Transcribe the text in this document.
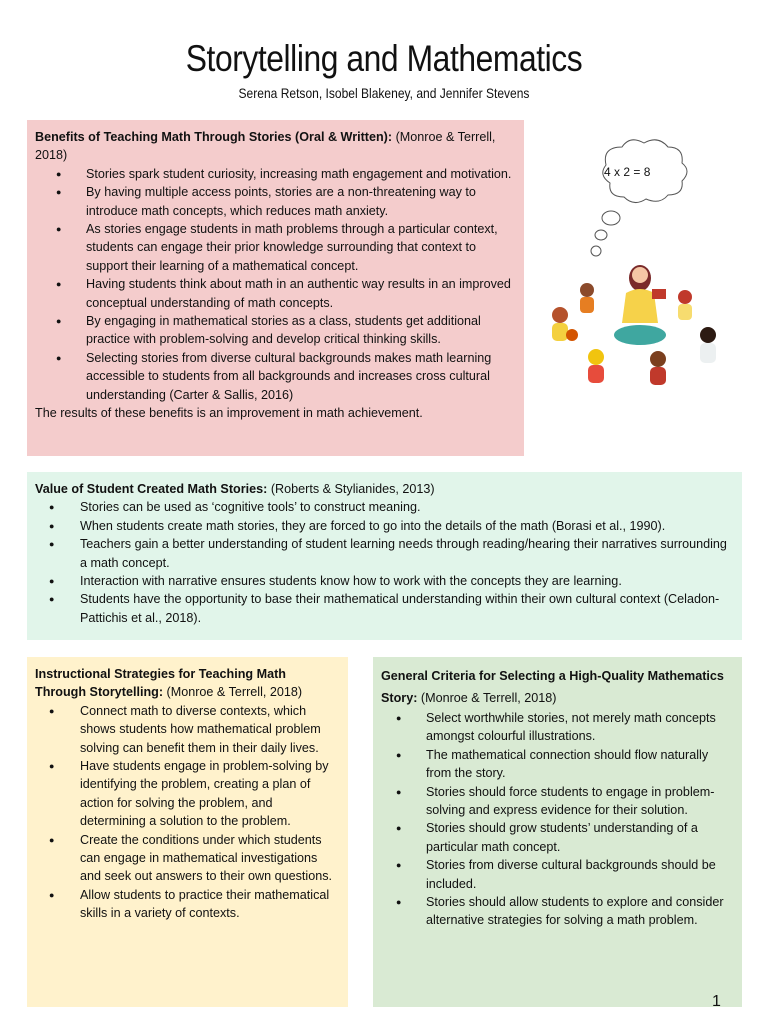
Storytelling and Mathematics
Serena Retson, Isobel Blakeney, and Jennifer Stevens

Benefits of Teaching Math Through Stories (Oral & Written): (Monroe & Terrell, 2018)

● Stories spark student curiosity, increasing math engagement and motivation.
● By having multiple access points, stories are a non-threatening way to introduce math concepts, which reduces math anxiety.
● As stories engage students in math problems through a particular context, students can engage their prior knowledge surrounding that context to support their learning of a mathematical concept.
● Having students think about math in an authentic way results in an improved conceptual understanding of math concepts.
● By engaging in mathematical stories as a class, students get additional practice with problem-solving and develop critical thinking skills.
● Selecting stories from diverse cultural backgrounds makes math learning accessible to students from all backgrounds and increases cross cultural understanding (Carter & Sallis, 2016)

The results of these benefits is an improvement in math achievement.

4 x 2 = 8

Value of Student Created Math Stories: (Roberts & Stylianides, 2013)

● Stories can be used as ‘cognitive tools’ to construct meaning.
● When students create math stories, they are forced to go into the details of the math (Borasi et al., 1990).
● Teachers gain a better understanding of student learning needs through reading/hearing their narratives surrounding a math concept.
● Interaction with narrative ensures students know how to work with the concepts they are learning.
● Students have the opportunity to base their mathematical understanding within their own cultural context (Celadon-Pattichis et al., 2018).

Instructional Strategies for Teaching Math Through Storytelling: (Monroe & Terrell, 2018)

● Connect math to diverse contexts, which shows students how mathematical problem solving can benefit them in their daily lives.
● Have students engage in problem-solving by identifying the problem, creating a plan of action for solving the problem, and determining a solution to the problem.
● Create the conditions under which students can engage in mathematical investigations and seek out answers to their own questions.
● Allow students to practice their mathematical skills in a variety of contexts.

General Criteria for Selecting a High-Quality Mathematics Story: (Monroe & Terrell, 2018)

● Select worthwhile stories, not merely math concepts amongst colourful illustrations.
● The mathematical connection should flow naturally from the story.
● Stories should force students to engage in problem-solving and express evidence for their solution.
● Stories should grow students’ understanding of a particular math concept.
● Stories from diverse cultural backgrounds should be included.
● Stories should allow students to explore and consider alternative strategies for solving a math problem.
1
